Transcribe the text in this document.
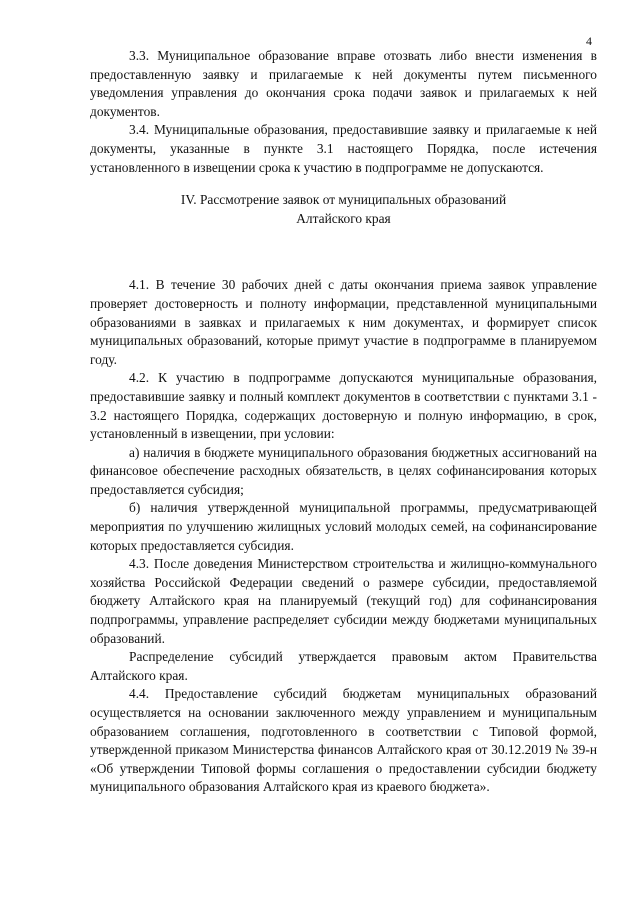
4

3.3. Муниципальное образование вправе отозвать либо внести изменения в предоставленную заявку и прилагаемые к ней документы путем письменного уведомления управления до окончания срока подачи заявок и прилагаемых к ней документов.

3.4. Муниципальные образования, предоставившие заявку и прилагаемые к ней документы, указанные в пункте 3.1 настоящего Порядка, после истечения установленного в извещении срока к участию в подпрограмме не допускаются.

IV. Рассмотрение заявок от муниципальных образований
Алтайского края

4.1. В течение 30 рабочих дней с даты окончания приема заявок управление проверяет достоверность и полноту информации, представленной муниципальными образованиями в заявках и прилагаемых к ним документах, и формирует список муниципальных образований, которые примут участие в подпрограмме в планируемом году.

4.2. К участию в подпрограмме допускаются муниципальные образования, предоставившие заявку и полный комплект документов в соответствии с пунктами 3.1 - 3.2 настоящего Порядка, содержащих достоверную и полную информацию, в срок, установленный в извещении, при условии:

а) наличия в бюджете муниципального образования бюджетных ассигнований на финансовое обеспечение расходных обязательств, в целях софинансирования которых предоставляется субсидия;

б) наличия утвержденной муниципальной программы, предусматривающей мероприятия по улучшению жилищных условий молодых семей, на софинансирование которых предоставляется субсидия.

4.3. После доведения Министерством строительства и жилищно-коммунального хозяйства Российской Федерации сведений о размере субсидии, предоставляемой бюджету Алтайского края на планируемый (текущий год) для софинансирования подпрограммы, управление распределяет субсидии между бюджетами муниципальных образований.

Распределение субсидий утверждается правовым актом Правительства Алтайского края.

4.4. Предоставление субсидий бюджетам муниципальных образований осуществляется на основании заключенного между управлением и муниципальным образованием соглашения, подготовленного в соответствии с Типовой формой, утвержденной приказом Министерства финансов Алтайского края от 30.12.2019 № 39-н «Об утверждении Типовой формы соглашения о предоставлении субсидии бюджету муниципального образования Алтайского края из краевого бюджета».
